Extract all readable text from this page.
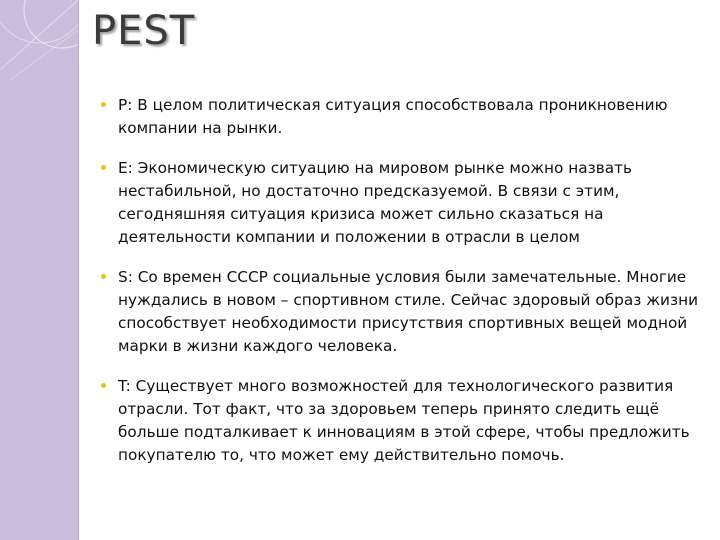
PEST
P: В целом политическая ситуация способствовала проникновению компании на рынки.
E: Экономическую ситуацию на мировом рынке можно назвать нестабильной, но достаточно предсказуемой. В связи с этим, сегодняшняя ситуация кризиса может сильно сказаться на деятельности компании и положении в отрасли в целом
S: Со времен СССР социальные условия были замечательные. Многие нуждались в новом – спортивном стиле. Сейчас здоровый образ жизни способствует необходимости присутствия спортивных вещей модной марки в жизни каждого человека.
T: Существует много возможностей для технологического развития отрасли. Тот факт, что за здоровьем теперь принято следить ещё больше подталкивает к инновациям в этой сфере, чтобы предложить покупателю то, что может ему действительно помочь.
